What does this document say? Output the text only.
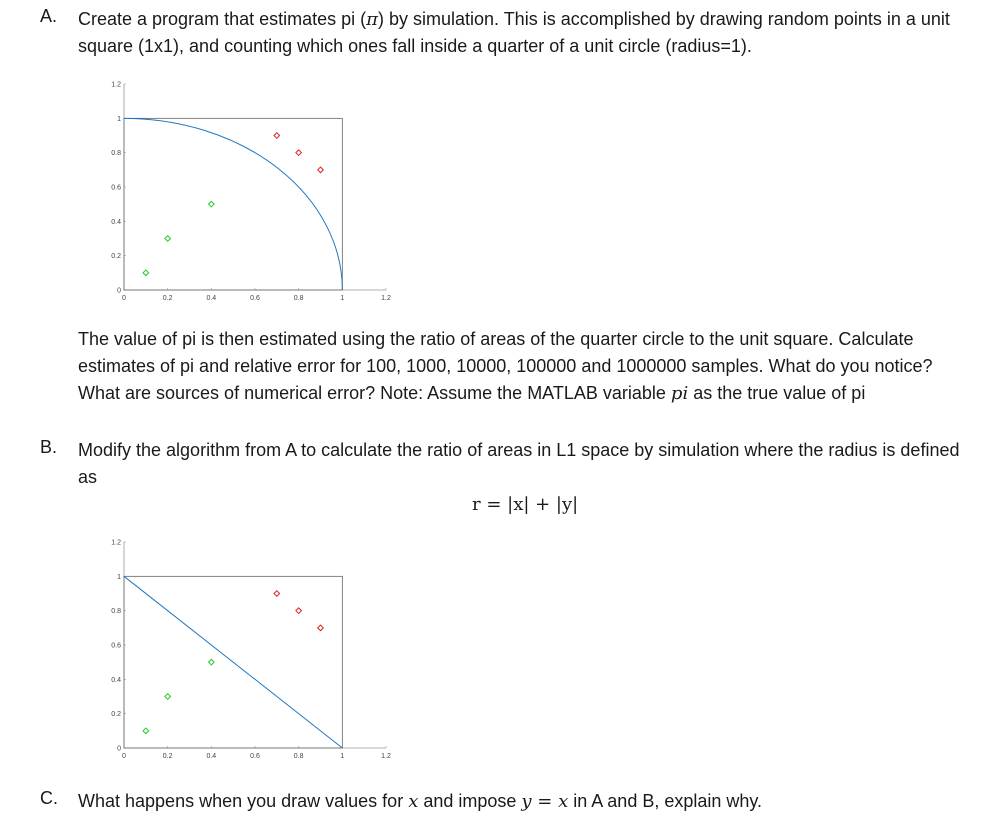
A. Create a program that estimates pi (π) by simulation. This is accomplished by drawing random points in a unit square (1x1), and counting which ones fall inside a quarter of a unit circle (radius=1).

0	0.2	0.4	0.6	0.8	1	1.2
0
0.2
0.4
0.6
0.8
1
1.2

The value of pi is then estimated using the ratio of areas of the quarter circle to the unit square. Calculate estimates of pi and relative error for 100, 1000, 10000, 100000 and 1000000 samples. What do you notice? What are sources of numerical error? Note: Assume the MATLAB variable pi as the true value of pi

B. Modify the algorithm from A to calculate the ratio of areas in L1 space by simulation where the radius is defined as

r = |x| + |y|
0	0.2	0.4	0.6	0.8	1	1.2
0
0.2
0.4
0.6
0.8
1
1.2
C. What happens when you draw values for x and impose y = x in A and B, explain why.
